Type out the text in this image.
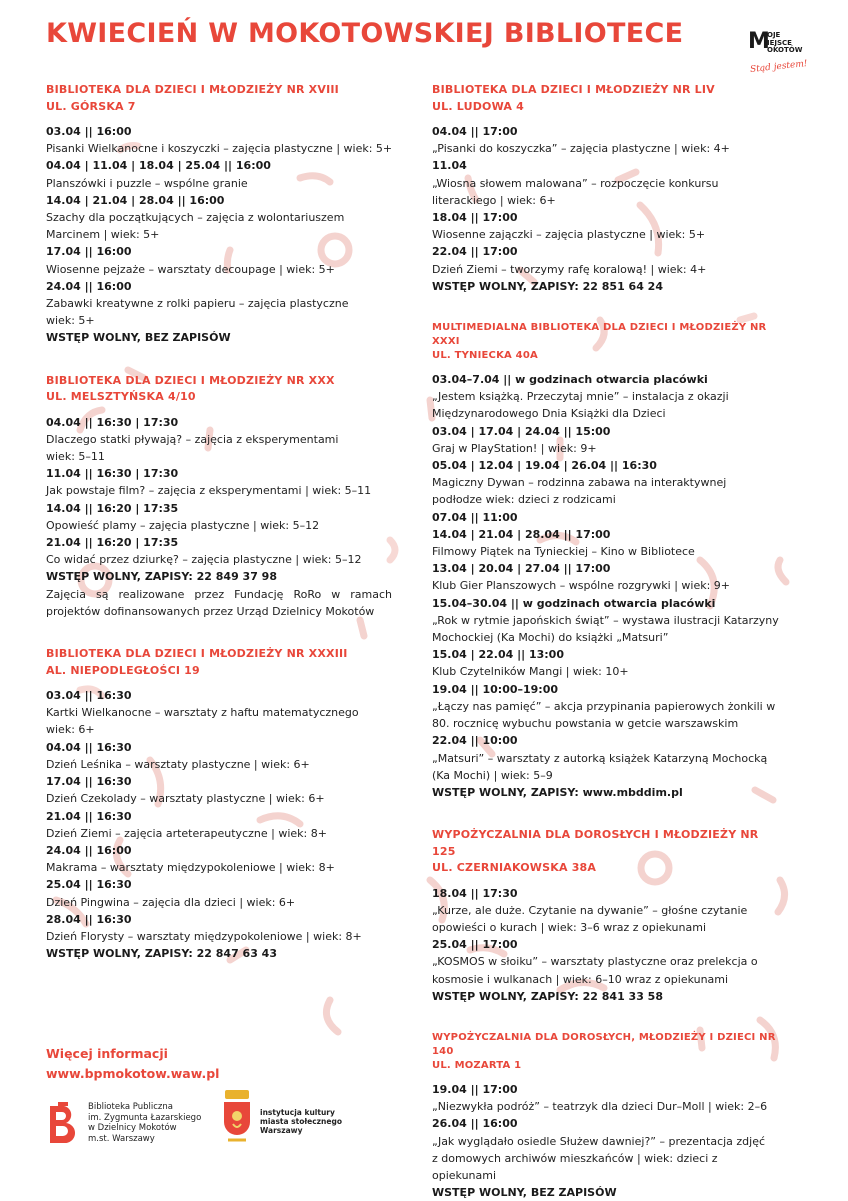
KWIECIEŃ W MOKOTOWSKIEJ BIBLIOTECE	M
OJE
IEJSCE
OKOTÓW
Stąd jestem!
BIBLIOTEKA DLA DZIECI I MŁODZIEŻY NR XVIII
UL. GÓRSKA 7
03.04 || 16:00
Pisanki Wielkanocne i koszyczki – zajęcia plastyczne | wiek: 5+
04.04 | 11.04 | 18.04 | 25.04 || 16:00
Planszówki i puzzle – wspólne granie
14.04 | 21.04 | 28.04 || 16:00
Szachy dla początkujących – zajęcia z wolontariuszem
Marcinem | wiek: 5+
17.04 || 16:00
Wiosenne pejzaże – warsztaty decoupage | wiek: 5+
24.04 || 16:00
Zabawki kreatywne z rolki papieru – zajęcia plastyczne
wiek: 5+
WSTĘP WOLNY, BEZ ZAPISÓW
BIBLIOTEKA DLA DZIECI I MŁODZIEŻY NR XXX
UL. MELSZTYŃSKA 4/10
04.04 || 16:30 | 17:30
Dlaczego statki pływają? – zajęcia z eksperymentami
wiek: 5–11
11.04 || 16:30 | 17:30
Jak powstaje film? – zajęcia z eksperymentami | wiek: 5–11
14.04 || 16:20 | 17:35
Opowieść plamy – zajęcia plastyczne | wiek: 5–12
21.04 || 16:20 | 17:35
Co widać przez dziurkę? – zajęcia plastyczne | wiek: 5–12
WSTĘP WOLNY, ZAPISY: 22 849 37 98
Zajęcia są realizowane przez Fundację RoRo w ramach projektów dofinansowanych przez Urząd Dzielnicy Mokotów
BIBLIOTEKA DLA DZIECI I MŁODZIEŻY NR XXXIII
AL. NIEPODLEGŁOŚCI 19
03.04 || 16:30
Kartki Wielkanocne – warsztaty z haftu matematycznego
wiek: 6+
04.04 || 16:30
Dzień Leśnika – warsztaty plastyczne | wiek: 6+
17.04 || 16:30
Dzień Czekolady – warsztaty plastyczne | wiek: 6+
21.04 || 16:30
Dzień Ziemi – zajęcia arteterapeutyczne | wiek: 8+
24.04 || 16:00
Makrama – warsztaty międzypokoleniowe | wiek: 8+
25.04 || 16:30
Dzień Pingwina – zajęcia dla dzieci | wiek: 6+
28.04 || 16:30
Dzień Florysty – warsztaty międzypokoleniowe | wiek: 8+
WSTĘP WOLNY, ZAPISY: 22 847 63 43
BIBLIOTEKA DLA DZIECI I MŁODZIEŻY NR LIV
UL. LUDOWA 4
04.04 || 17:00
„Pisanki do koszyczka” – zajęcia plastyczne | wiek: 4+
11.04
„Wiosna słowem malowana” – rozpoczęcie konkursu
literackiego | wiek: 6+
18.04 || 17:00
Wiosenne zajączki – zajęcia plastyczne | wiek: 5+
22.04 || 17:00
Dzień Ziemi – tworzymy rafę koralową! | wiek: 4+
WSTĘP WOLNY, ZAPISY: 22 851 64 24
MULTIMEDIALNA BIBLIOTEKA DLA DZIECI I MŁODZIEŻY NR XXXI
UL. TYNIECKA 40A
03.04–7.04 || w godzinach otwarcia placówki
„Jestem książką. Przeczytaj mnie” – instalacja z okazji
Międzynarodowego Dnia Książki dla Dzieci
03.04 | 17.04 | 24.04 || 15:00
Graj w PlayStation! | wiek: 9+
05.04 | 12.04 | 19.04 | 26.04 || 16:30
Magiczny Dywan – rodzinna zabawa na interaktywnej
podłodze wiek: dzieci z rodzicami
07.04 || 11:00
14.04 | 21.04 | 28.04 || 17:00
Filmowy Piątek na Tynieckiej – Kino w Bibliotece
13.04 | 20.04 | 27.04 || 17:00
Klub Gier Planszowych – wspólne rozgrywki | wiek: 9+
15.04–30.04 || w godzinach otwarcia placówki
„Rok w rytmie japońskich świąt” – wystawa ilustracji Katarzyny
Mochockiej (Ka Mochi) do książki „Matsuri”
15.04 | 22.04 || 13:00
Klub Czytelników Mangi | wiek: 10+
19.04 || 10:00–19:00
„Łączy nas pamięć” – akcja przypinania papierowych żonkili w
80. rocznicę wybuchu powstania w getcie warszawskim
22.04 || 10:00
„Matsuri” – warsztaty z autorką książek Katarzyną Mochocką
(Ka Mochi) | wiek: 5–9
WSTĘP WOLNY, ZAPISY: www.mbddim.pl
WYPOŻYCZALNIA DLA DOROSŁYCH I MŁODZIEŻY NR 125
UL. CZERNIAKOWSKA 38A
18.04 || 17:30
„Kurze, ale duże. Czytanie na dywanie” – głośne czytanie
opowieści o kurach | wiek: 3–6 wraz z opiekunami
25.04 || 17:00
„KOSMOS w słoiku” – warsztaty plastyczne oraz prelekcja o
kosmosie i wulkanach | wiek: 6–10 wraz z opiekunami
WSTĘP WOLNY, ZAPISY: 22 841 33 58
WYPOŻYCZALNIA DLA DOROSŁYCH, MŁODZIEŻY I DZIECI NR 140
UL. MOZARTA 1
19.04 || 17:00
„Niezwykła podróż” – teatrzyk dla dzieci Dur–Moll | wiek: 2–6
26.04 || 16:00
„Jak wyglądało osiedle Służew dawniej?” – prezentacja zdjęć
z domowych archiwów mieszkańców | wiek: dzieci z
opiekunami
WSTĘP WOLNY, BEZ ZAPISÓW
Więcej informacji
www.bpmokotow.waw.pl
Biblioteka Publiczna
im. Zygmunta Łazarskiego
w Dzielnicy Mokotów
m.st. Warszawy
instytucja kultury
miasta stołecznego
Warszawy
